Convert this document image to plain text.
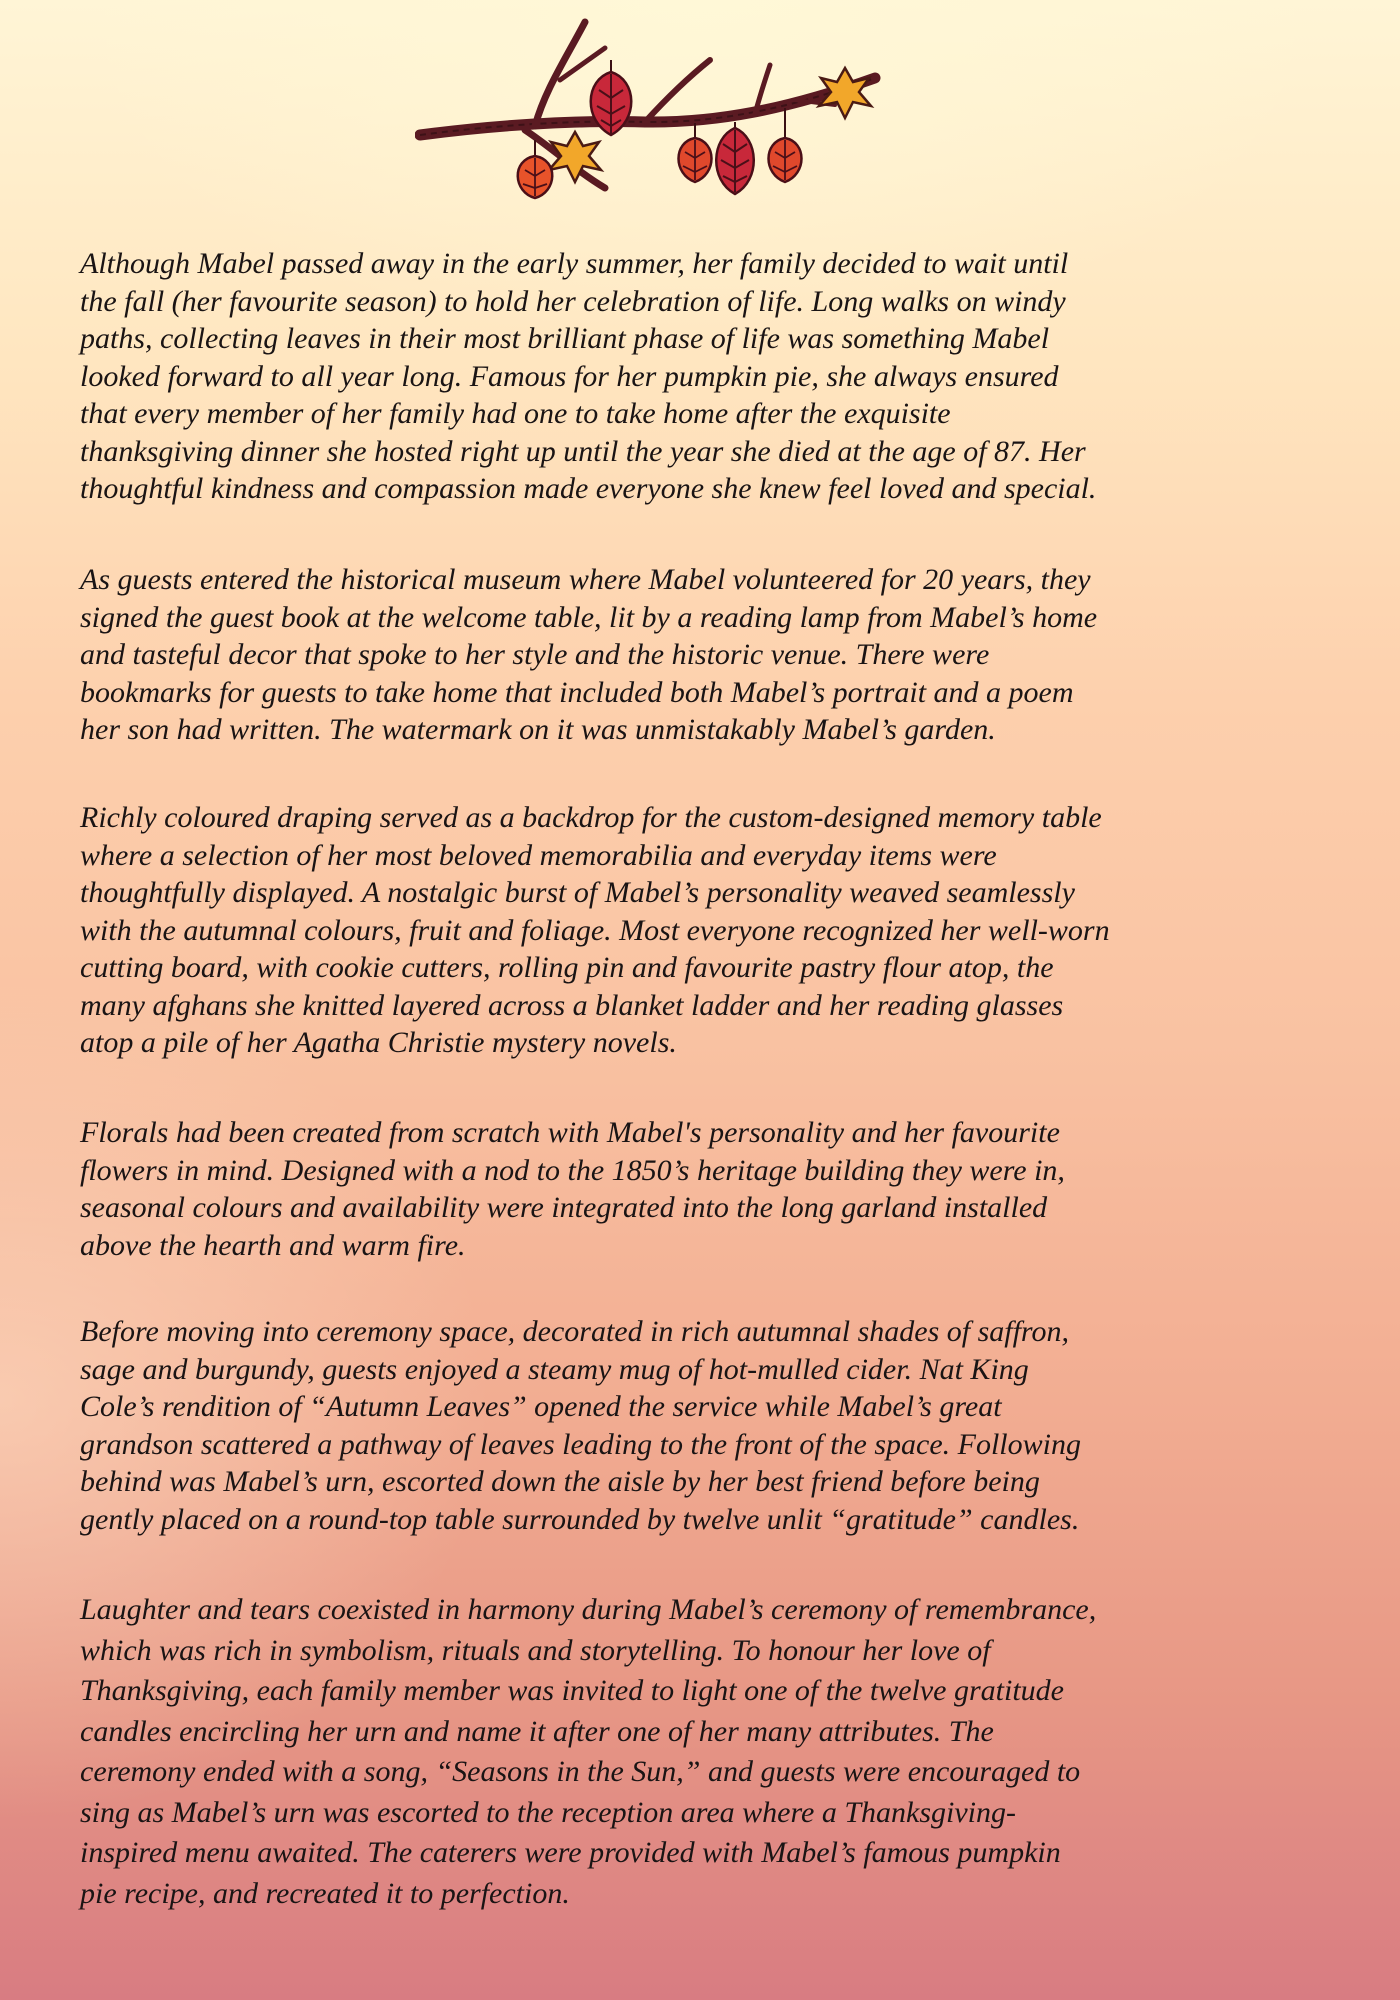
Although Mabel passed away in the early summer, her family decided to wait until
the fall (her favourite season) to hold her celebration of life. Long walks on windy
paths, collecting leaves in their most brilliant phase of life was something Mabel
looked forward to all year long. Famous for her pumpkin pie, she always ensured
that every member of her family had one to take home after the exquisite
thanksgiving dinner she hosted right up until the year she died at the age of 87. Her
thoughtful kindness and compassion made everyone she knew feel loved and special.

As guests entered the historical museum where Mabel volunteered for 20 years, they
signed the guest book at the welcome table, lit by a reading lamp from Mabel’s home
and tasteful decor that spoke to her style and the historic venue. There were
bookmarks for guests to take home that included both Mabel’s portrait and a poem
her son had written. The watermark on it was unmistakably Mabel’s garden.

Richly coloured draping served as a backdrop for the custom-designed memory table
where a selection of her most beloved memorabilia and everyday items were
thoughtfully displayed. A nostalgic burst of Mabel’s personality weaved seamlessly
with the autumnal colours, fruit and foliage. Most everyone recognized her well-worn
cutting board, with cookie cutters, rolling pin and favourite pastry flour atop, the
many afghans she knitted layered across a blanket ladder and her reading glasses
atop a pile of her Agatha Christie mystery novels.

Florals had been created from scratch with Mabel's personality and her favourite
flowers in mind. Designed with a nod to the 1850’s heritage building they were in,
seasonal colours and availability were integrated into the long garland installed
above the hearth and warm fire.

Before moving into ceremony space, decorated in rich autumnal shades of saffron,
sage and burgundy, guests enjoyed a steamy mug of hot-mulled cider. Nat King
Cole’s rendition of “Autumn Leaves” opened the service while Mabel’s great
grandson scattered a pathway of leaves leading to the front of the space. Following
behind was Mabel’s urn, escorted down the aisle by her best friend before being
gently placed on a round-top table surrounded by twelve unlit “gratitude” candles.

Laughter and tears coexisted in harmony during Mabel’s ceremony of remembrance,
which was rich in symbolism, rituals and storytelling. To honour her love of
Thanksgiving, each family member was invited to light one of the twelve gratitude
candles encircling her urn and name it after one of her many attributes. The
ceremony ended with a song, “Seasons in the Sun,” and guests were encouraged to
sing as Mabel’s urn was escorted to the reception area where a Thanksgiving-
inspired menu awaited. The caterers were provided with Mabel’s famous pumpkin
pie recipe, and recreated it to perfection.
